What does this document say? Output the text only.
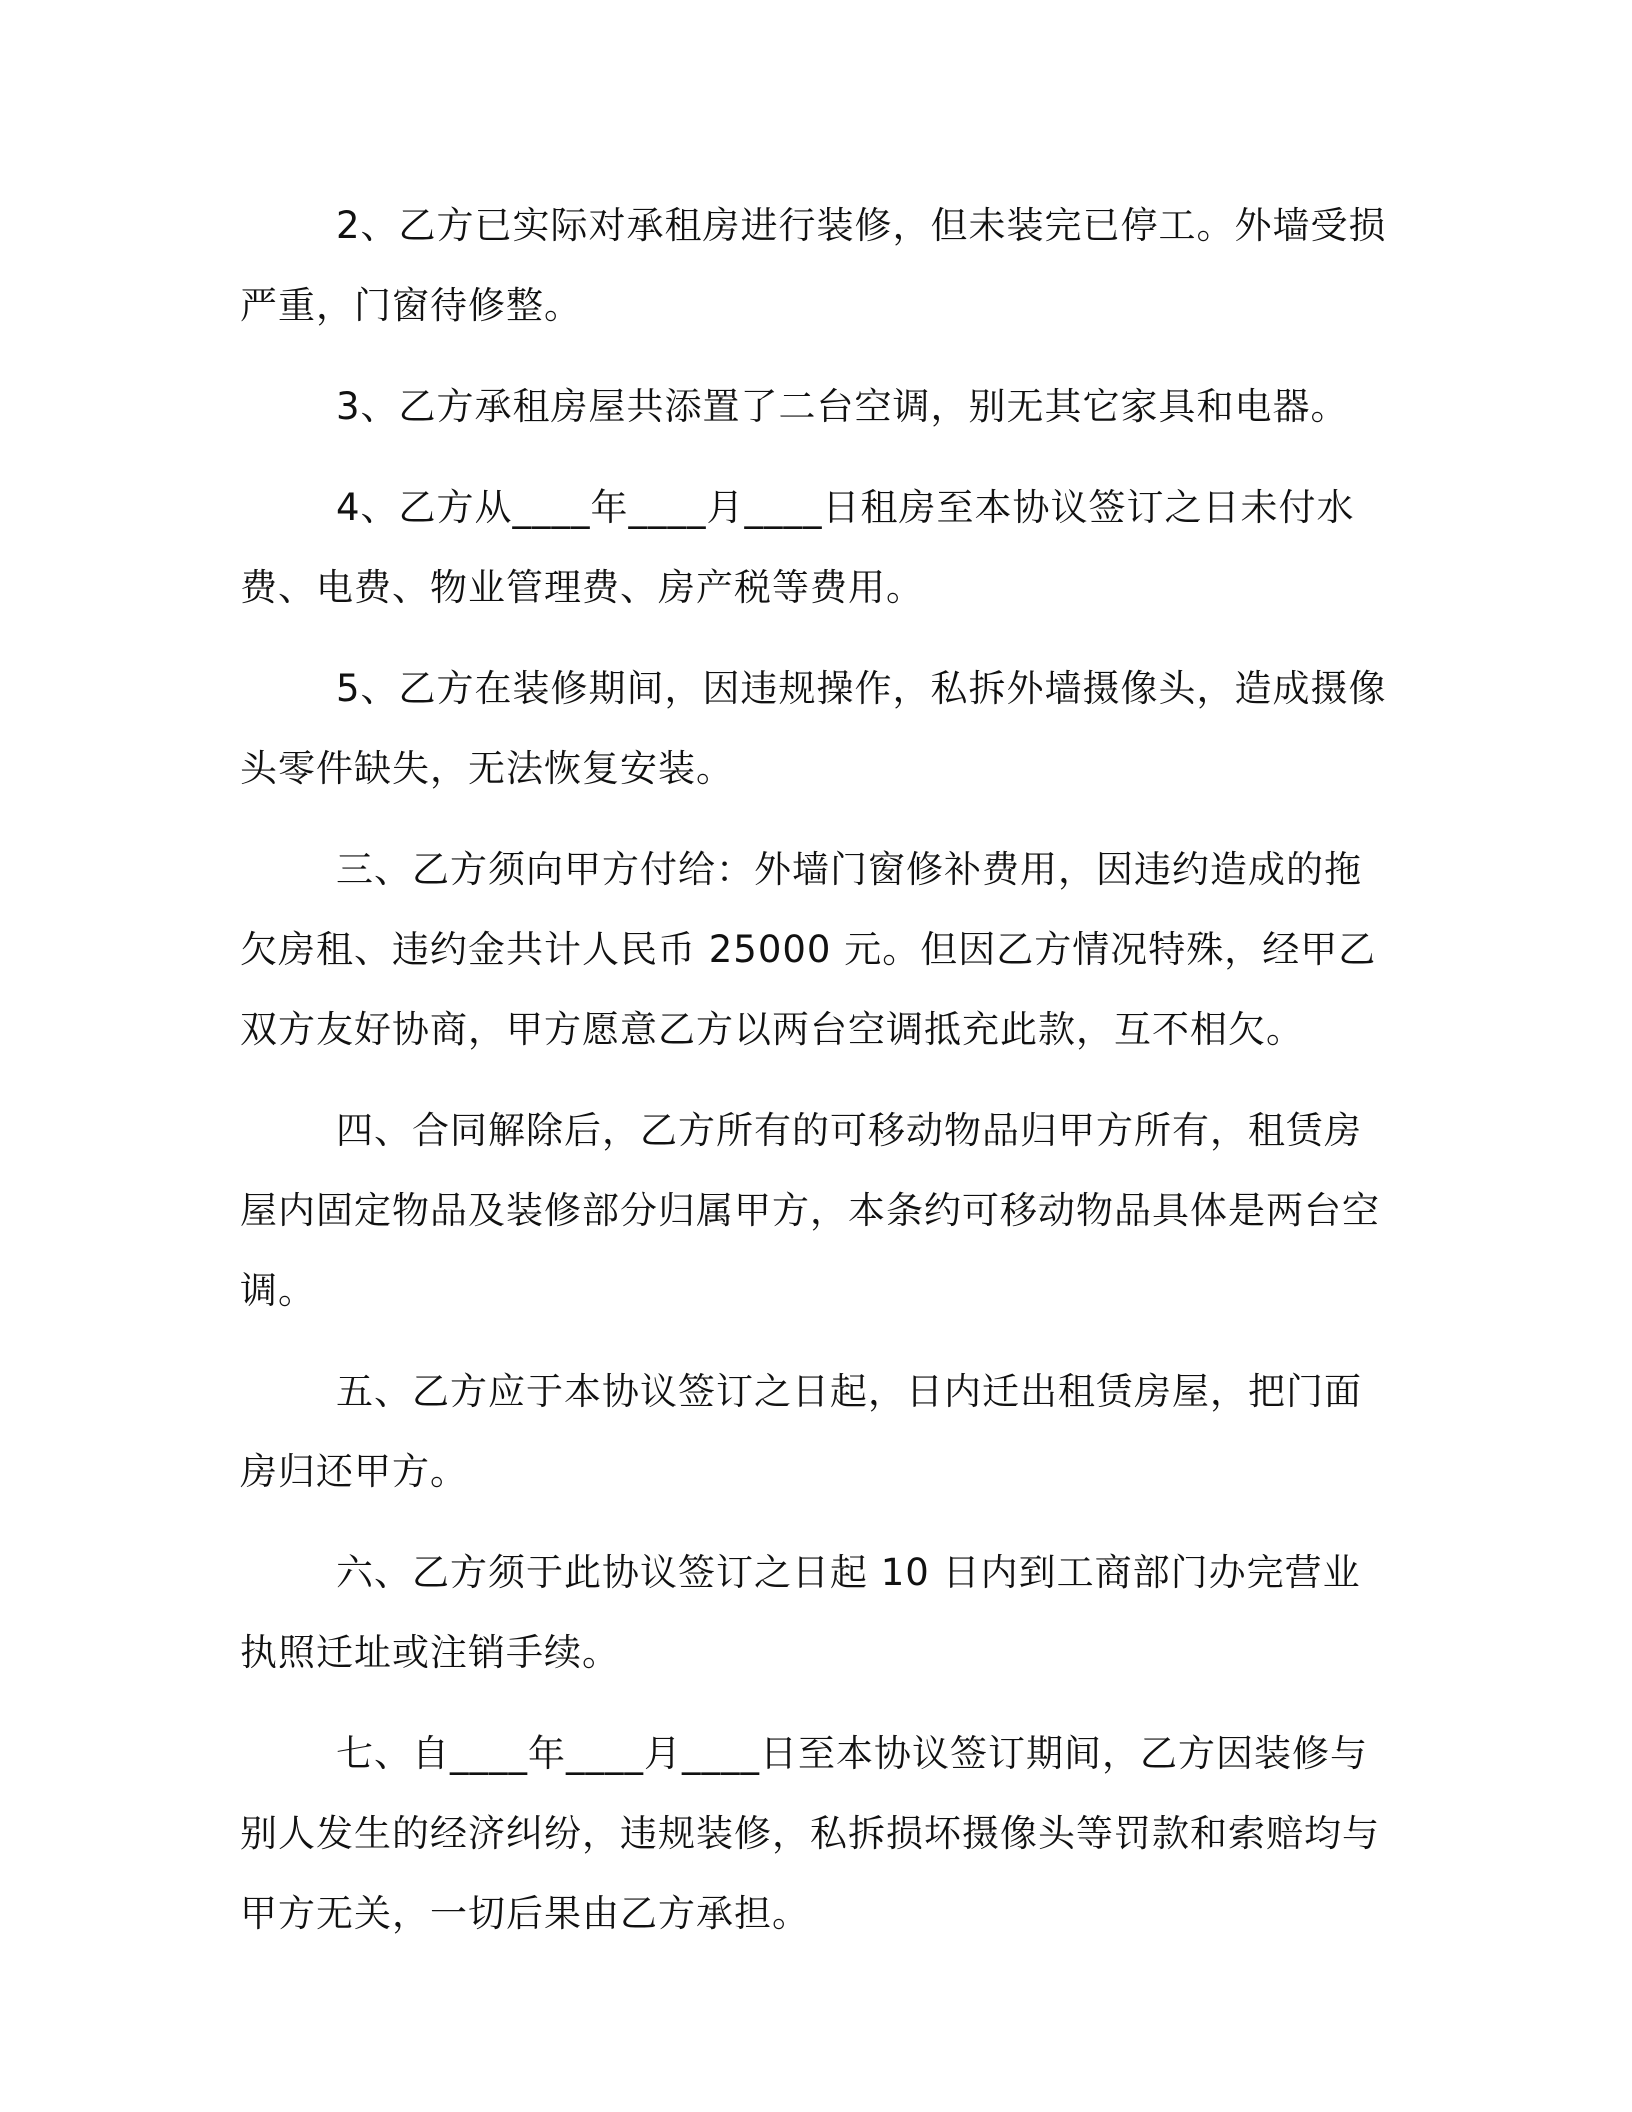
2、乙方已实际对承租房进行装修，但未装完已停工。外墙受损严重，门窗待修整。

3、乙方承租房屋共添置了二台空调，别无其它家具和电器。

4、乙方从____年____月____日租房至本协议签订之日未付水费、电费、物业管理费、房产税等费用。

5、乙方在装修期间，因违规操作，私拆外墙摄像头，造成摄像头零件缺失，无法恢复安装。

三、乙方须向甲方付给：外墙门窗修补费用，因违约造成的拖欠房租、违约金共计人民币 25000 元。但因乙方情况特殊，经甲乙双方友好协商，甲方愿意乙方以两台空调抵充此款，互不相欠。

四、合同解除后，乙方所有的可移动物品归甲方所有，租赁房屋内固定物品及装修部分归属甲方，本条约可移动物品具体是两台空调。

五、乙方应于本协议签订之日起，日内迁出租赁房屋，把门面房归还甲方。

六、乙方须于此协议签订之日起 10 日内到工商部门办完营业执照迁址或注销手续。

七、自____年____月____日至本协议签订期间，乙方因装修与别人发生的经济纠纷，违规装修，私拆损坏摄像头等罚款和索赔均与甲方无关，一切后果由乙方承担。
